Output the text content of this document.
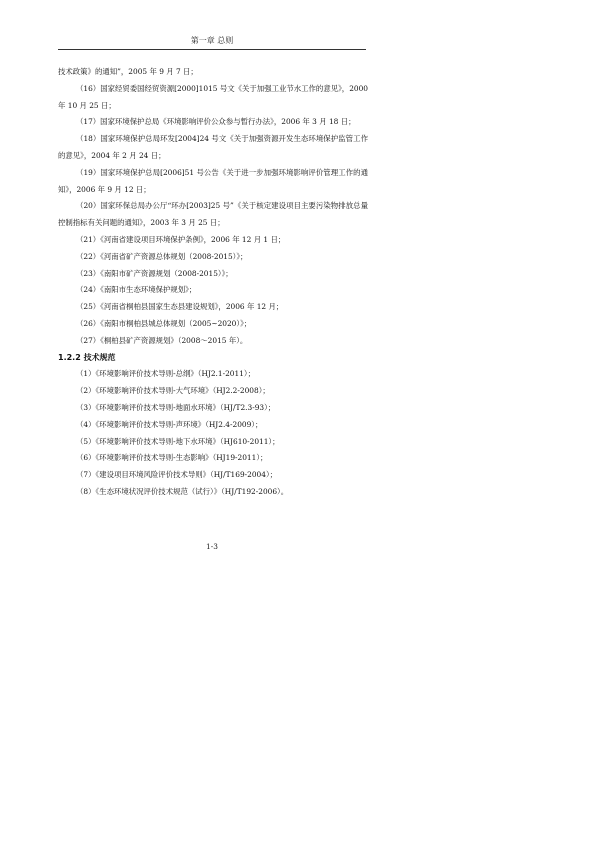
第一章 总则

技术政策》的通知”，2005 年 9 月 7 日；

（16）国家经贸委国经贸资源[2000]1015 号文《关于加强工业节水工作的意见》，2000 年 10 月 25 日；

（17）国家环境保护总局《环境影响评价公众参与暂行办法》，2006 年 3 月 18 日；

（18）国家环境保护总局环发[2004]24 号文《关于加强资源开发生态环境保护监管工作的意见》，2004 年 2 月 24 日；

（19）国家环境保护总局[2006]51 号公告《关于进一步加强环境影响评价管理工作的通知》，2006 年 9 月 12 日；

（20）国家环保总局办公厅“环办[2003]25 号”《关于核定建设项目主要污染物排放总量控制指标有关问题的通知》，2003 年 3 月 25 日；

（21）《河南省建设项目环境保护条例》，2006 年 12 月 1 日；

（22）《河南省矿产资源总体规划（2008-2015）》；

（23）《南阳市矿产资源规划（2008-2015）》；

（24）《南阳市生态环境保护规划》；

（25）《河南省桐柏县国家生态县建设规划》，2006 年 12 月；

（26）《南阳市桐柏县城总体规划（2005~2020）》；

（27）《桐柏县矿产资源规划》（2008～2015 年）。

1.2.2 技术规范

（1）《环境影响评价技术导则-总纲》（HJ2.1-2011）；

（2）《环境影响评价技术导则-大气环境》（HJ2.2-2008）；

（3）《环境影响评价技术导则-地面水环境》（HJ/T2.3-93）；

（4）《环境影响评价技术导则-声环境》（HJ2.4-2009）；

（5）《环境影响评价技术导则-地下水环境》（HJ610-2011）；

（6）《环境影响评价技术导则-生态影响》（HJ19-2011）；

（7）《建设项目环境风险评价技术导则》（HJ/T169-2004）；

（8）《生态环境状况评价技术规范（试行）》（HJ/T192-2006）。

1-3
